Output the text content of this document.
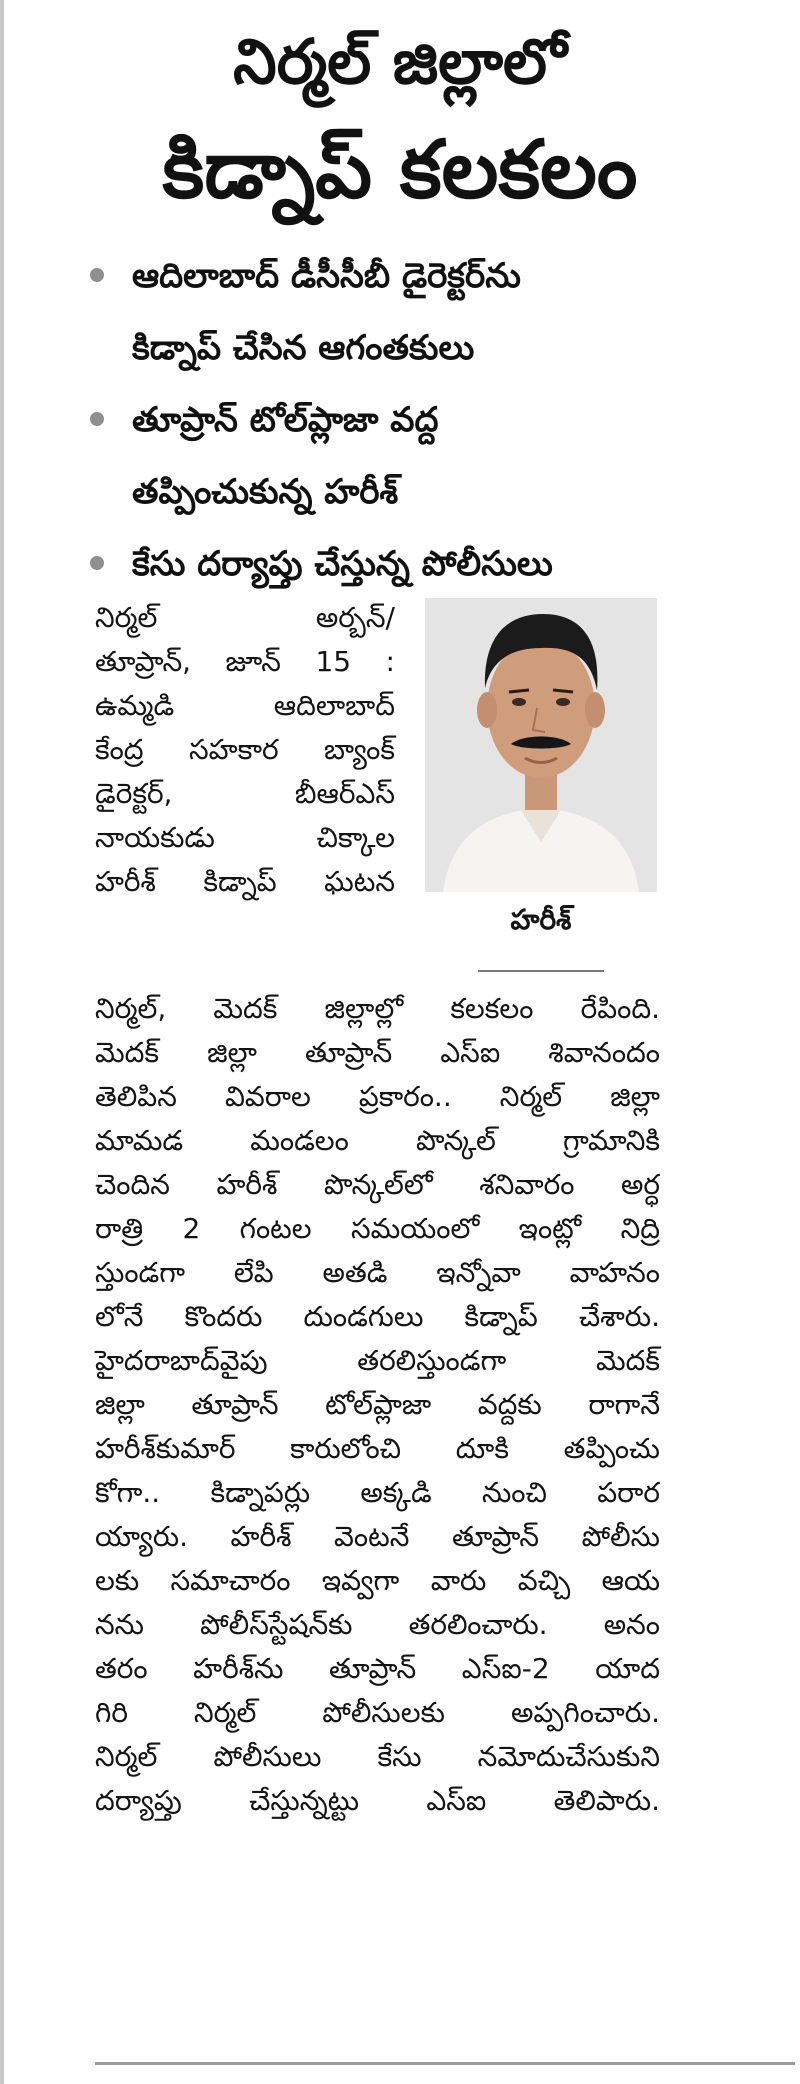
నిర్మల్ జిల్లాలో
కిడ్నాప్ కలకలం
ఆదిలాబాద్ డీసీసీబీ డైరెక్టర్‌ను
కిడ్నాప్ చేసిన ఆగంతకులు
తూప్రాన్ టోల్‌ప్లాజా వద్ద
తప్పించుకున్న హరీశ్
కేసు దర్యాప్తు చేస్తున్న పోలీసులు

నిర్మల్ అర్బన్/
తూప్రాన్, జూన్ 15 :
ఉమ్మడి ఆదిలాబాద్
కేంద్ర సహకార బ్యాంక్
డైరెక్టర్, బీఆర్ఎస్
నాయకుడు చిక్కాల
హరీశ్ కిడ్నాప్ ఘటన

హరీశ్

నిర్మల్, మెదక్ జిల్లాల్లో కలకలం రేపింది.
మెదక్ జిల్లా తూప్రాన్ ఎస్ఐ శివానందం
తెలిపిన వివరాల ప్రకారం.. నిర్మల్ జిల్లా
మామడ మండలం పొన్కల్ గ్రామానికి
చెందిన హరీశ్ పొన్కల్‌లో శనివారం అర్ధ
రాత్రి 2 గంటల సమయంలో ఇంట్లో నిద్రి
స్తుండగా లేపి అతడి ఇన్నోవా వాహనం
లోనే కొందరు దుండగులు కిడ్నాప్ చేశారు.
హైదరాబాద్‌వైపు తరలిస్తుండగా మెదక్
జిల్లా తూప్రాన్ టోల్‌ప్లాజా వద్దకు రాగానే
హరీశ్‌కుమార్ కారులోంచి దూకి తప్పించు
కోగా.. కిడ్నాపర్లు అక్కడి నుంచి పరార
య్యారు. హరీశ్ వెంటనే తూప్రాన్ పోలీసు
లకు సమాచారం ఇవ్వగా వారు వచ్చి ఆయ
నను పోలీస్‌స్టేషన్‌కు తరలించారు. అనం
తరం హరీశ్‌ను తూప్రాన్ ఎస్ఐ-2 యాద
గిరి నిర్మల్ పోలీసులకు అప్పగించారు.
నిర్మల్ పోలీసులు కేసు నమోదుచేసుకుని
దర్యాప్తు చేస్తున్నట్టు ఎస్ఐ తెలిపారు.
